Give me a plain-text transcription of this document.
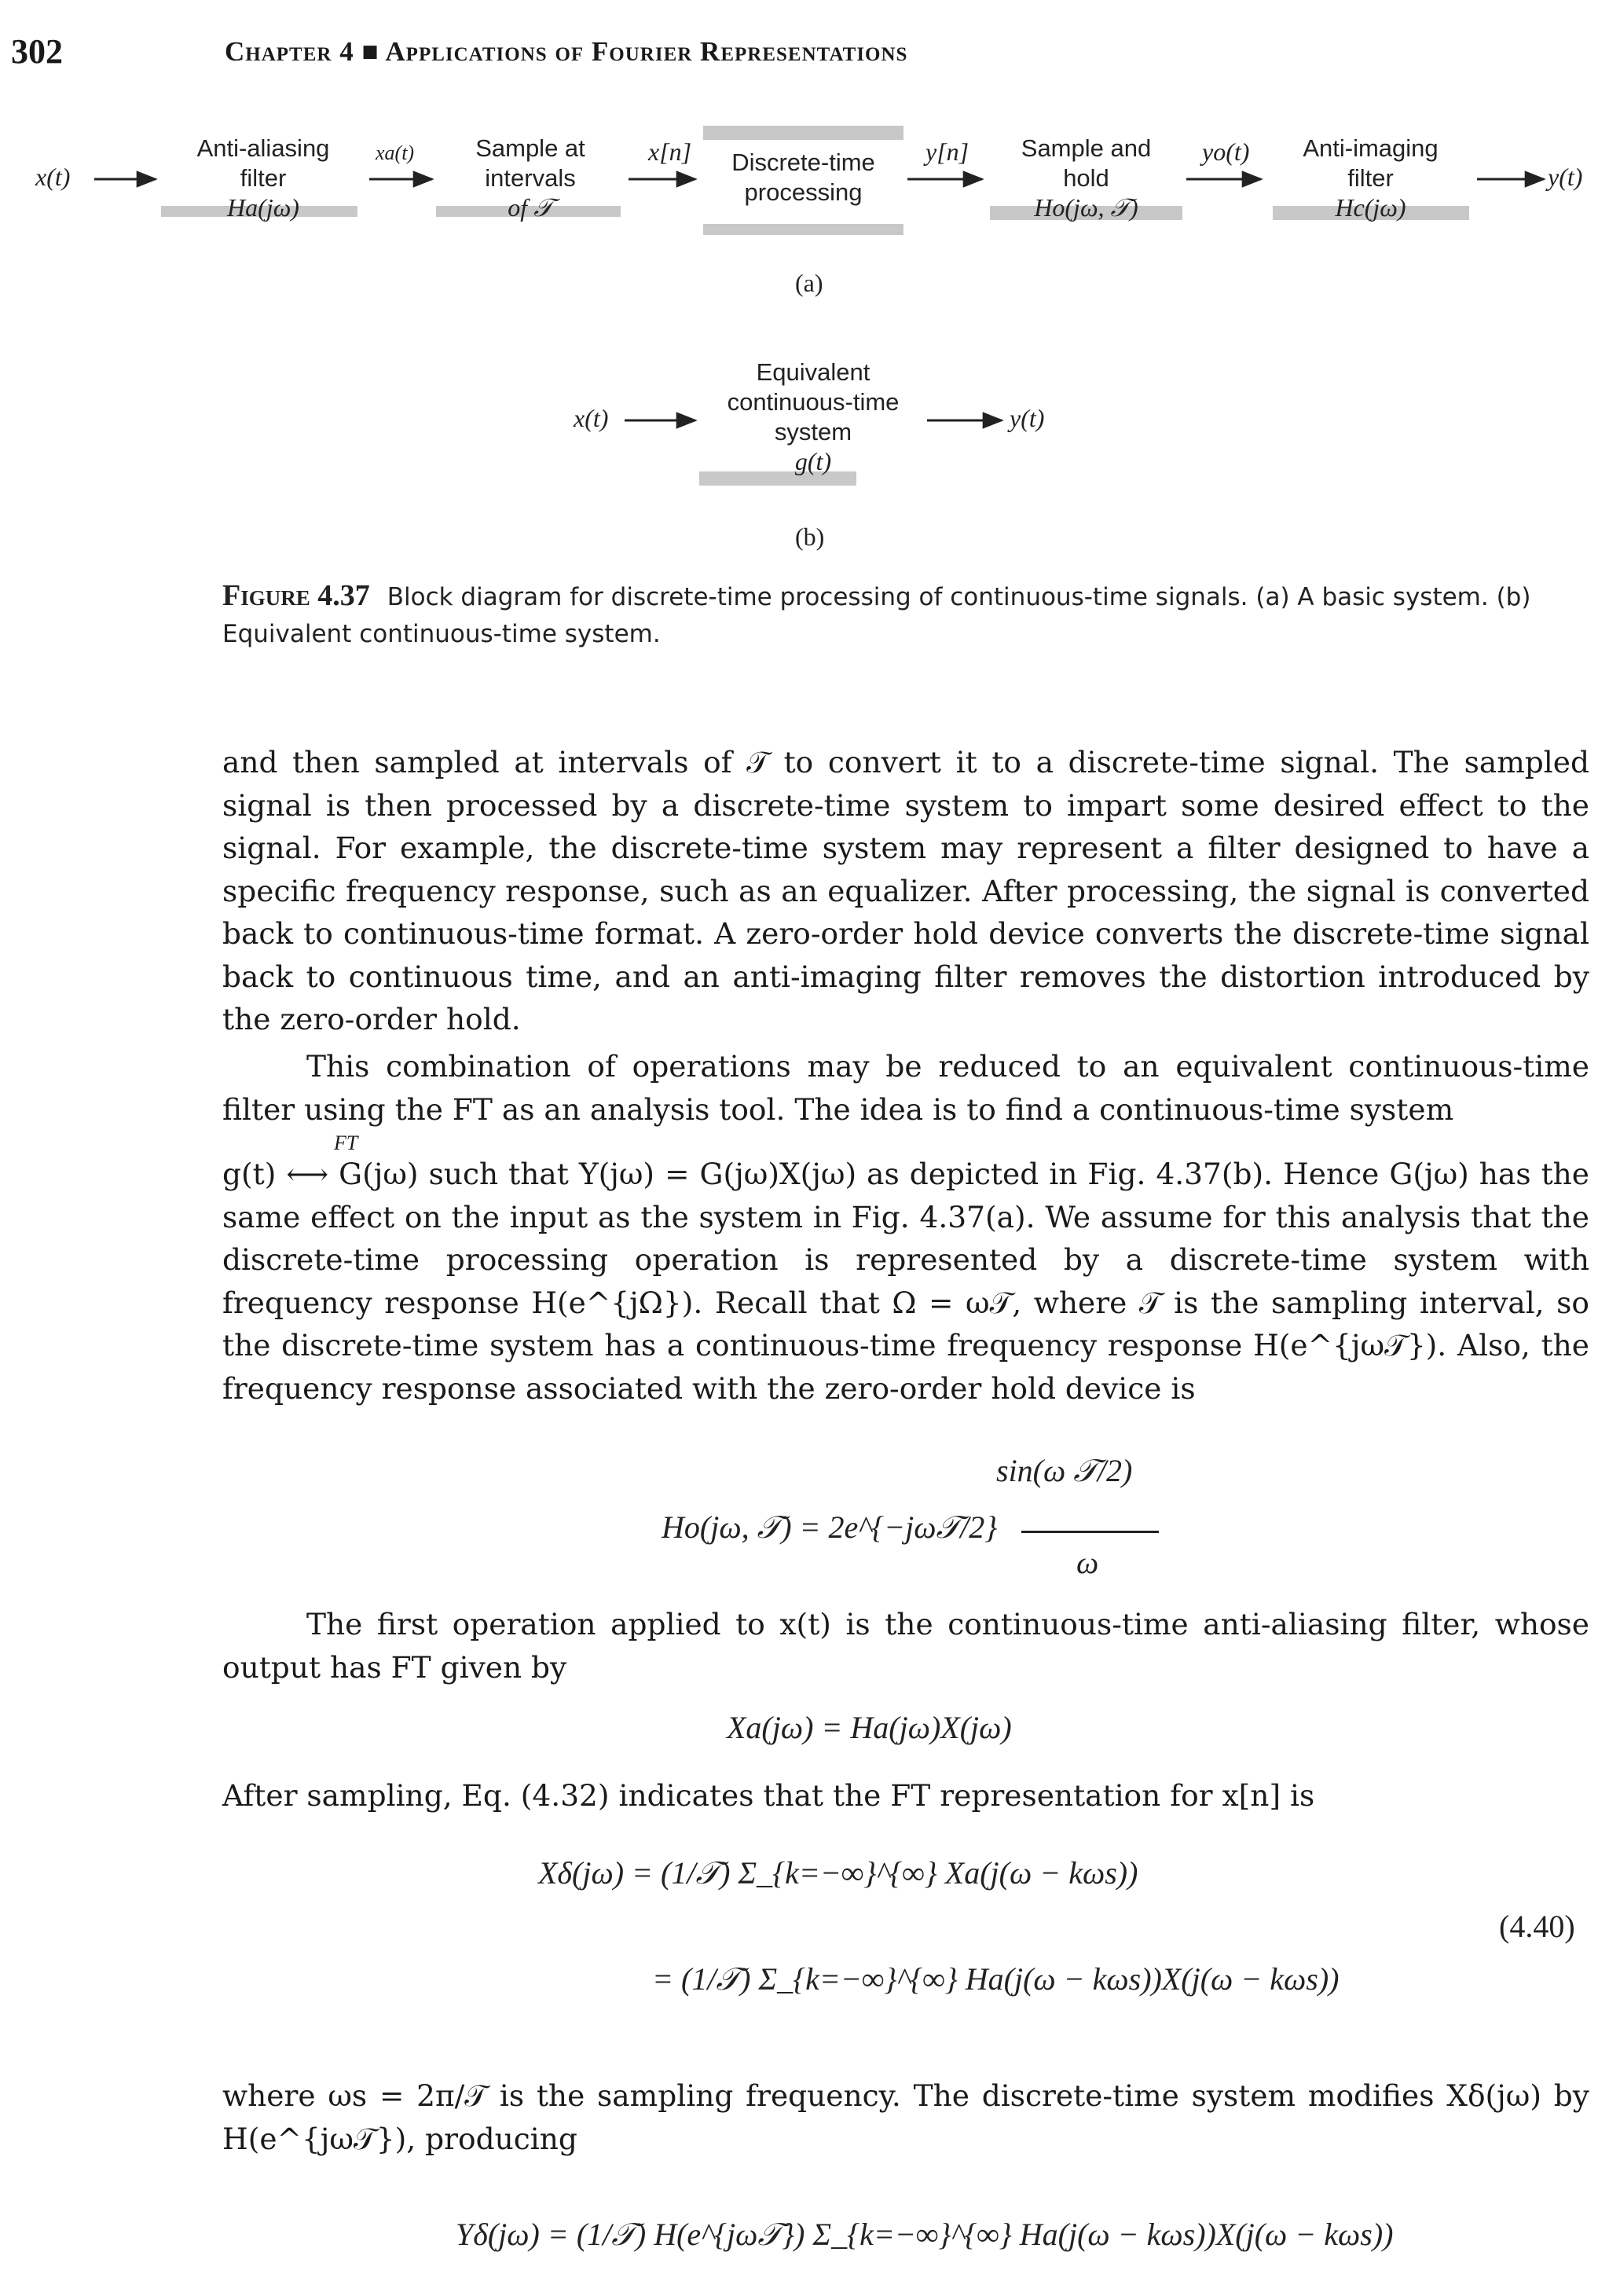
302	Chapter 4 ■ Applications of Fourier Representations
x(t)
Anti-aliasing
filter
Ha(jω)
xa(t)	Sample at
intervals
of 𝒯
x[n]	Discrete-time
processing
y[n]	Sample and
hold
Ho(jω, 𝒯)
yo(t)	Anti-imaging
filter
Hc(jω)
y(t)
(a)
x(t)
Equivalent
continuous-time
system
g(t)
y(t)
(b)
Figure 4.37 Block diagram for discrete-time processing of continuous-time signals. (a) A basic system. (b) Equivalent continuous-time system.
and then sampled at intervals of 𝒯 to convert it to a discrete-time signal. The sampled signal is then processed by a discrete-time system to impart some desired effect to the signal. For example, the discrete-time system may represent a filter designed to have a specific frequency response, such as an equalizer. After processing, the signal is converted back to continuous-time format. A zero-order hold device converts the discrete-time signal back to continuous time, and an anti-imaging filter removes the distortion introduced by the zero-order hold.
This combination of operations may be reduced to an equivalent continuous-time filter using the FT as an analysis tool. The idea is to find a continuous-time system
FT
g(t) ⟷ G(jω) such that Y(jω) = G(jω)X(jω) as depicted in Fig. 4.37(b). Hence G(jω) has the same effect on the input as the system in Fig. 4.37(a). We assume for this analysis that the discrete-time processing operation is represented by a discrete-time system with frequency response H(e^{jΩ}). Recall that Ω = ω𝒯, where 𝒯 is the sampling interval, so the discrete-time system has a continuous-time frequency response H(e^{jω𝒯}). Also, the frequency response associated with the zero-order hold device is
Ho(jω, 𝒯) = 2e^{−jω𝒯/2}
sin(ω 𝒯/2)
ω
The first operation applied to x(t) is the continuous-time anti-aliasing filter, whose output has FT given by
Xa(jω) = Ha(jω)X(jω)
After sampling, Eq. (4.32) indicates that the FT representation for x[n] is
Xδ(jω) = (1/𝒯) Σ_{k=−∞}^{∞} Xa(j(ω − kωs))
= (1/𝒯) Σ_{k=−∞}^{∞} Ha(j(ω − kωs))X(j(ω − kωs))
(4.40)
where ωs = 2π/𝒯 is the sampling frequency. The discrete-time system modifies Xδ(jω) by H(e^{jω𝒯}), producing
Yδ(jω) = (1/𝒯) H(e^{jω𝒯}) Σ_{k=−∞}^{∞} Ha(j(ω − kωs))X(j(ω − kωs))
